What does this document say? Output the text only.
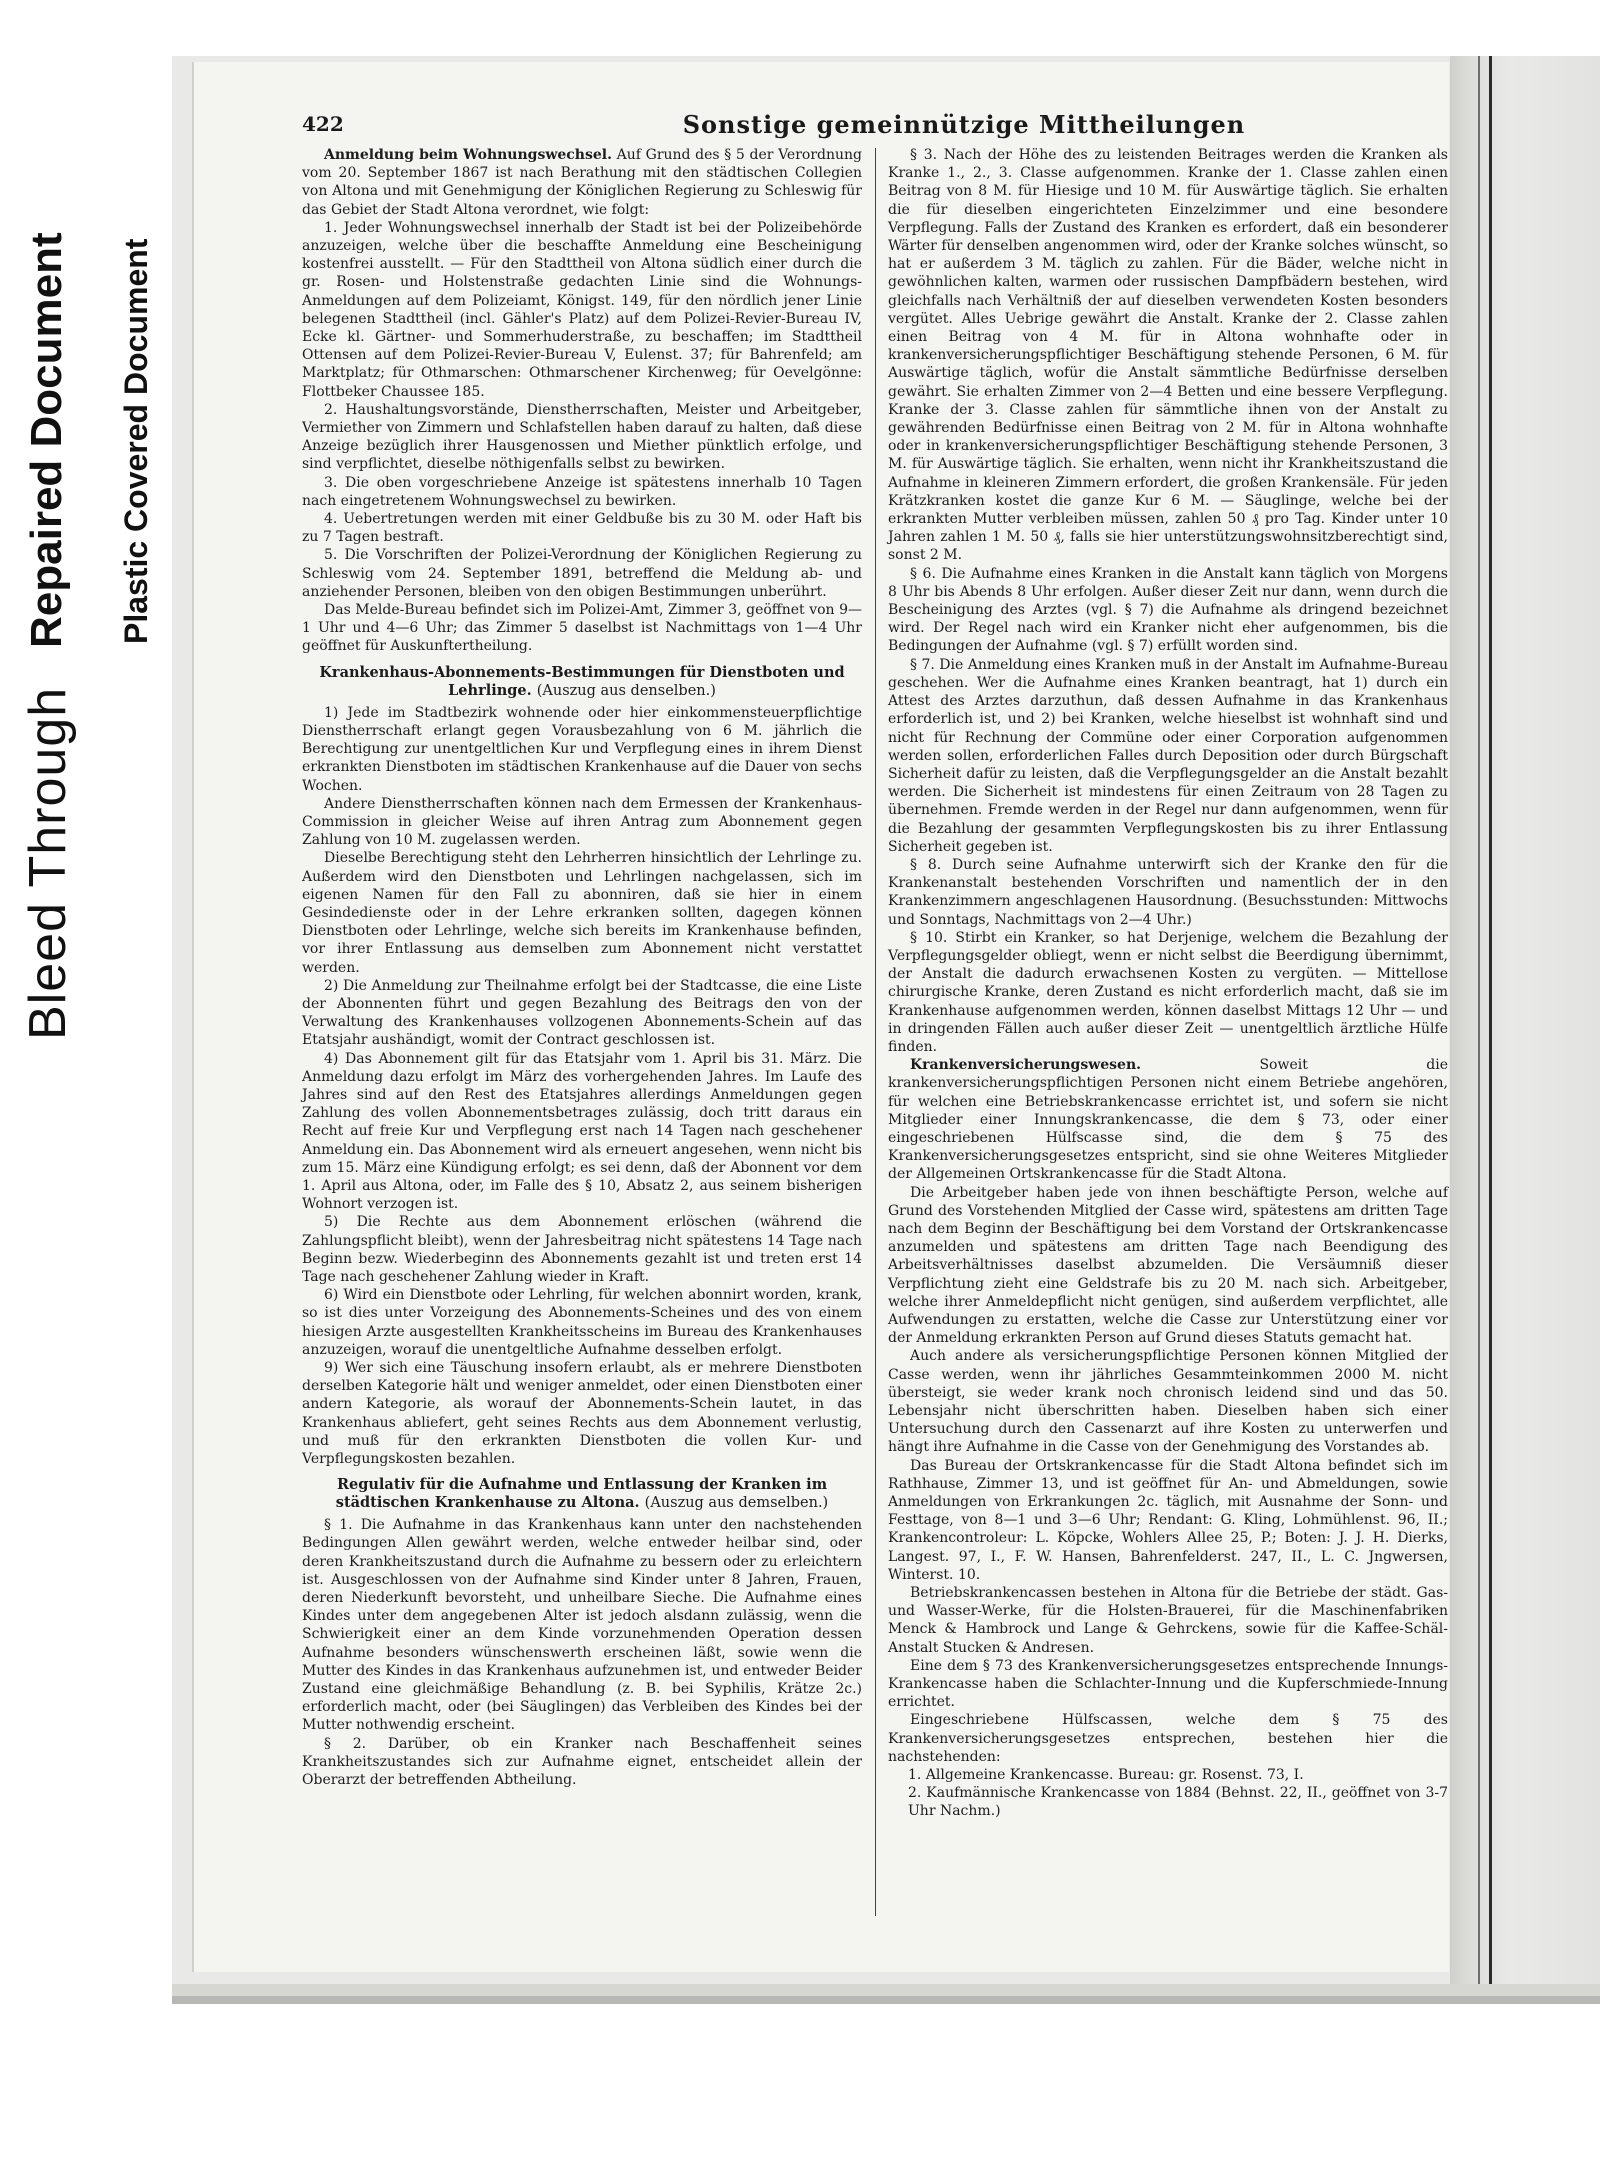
Bleed Through
Repaired Document Plastic Covered Document
422	Sonstige gemeinnützige Mittheilungen

Anmeldung beim Wohnungswechsel. Auf Grund des § 5 der Verordnung vom 20. September 1867 ist nach Berathung mit den städtischen Collegien von Altona und mit Genehmigung der Königlichen Regierung zu Schleswig für das Gebiet der Stadt Altona verordnet, wie folgt:

1. Jeder Wohnungswechsel innerhalb der Stadt ist bei der Polizeibehörde anzuzeigen, welche über die beschaffte Anmeldung eine Bescheinigung kostenfrei ausstellt. — Für den Stadttheil von Altona südlich einer durch die gr. Rosen- und Holstenstraße gedachten Linie sind die Wohnungs-Anmeldungen auf dem Polizeiamt, Königst. 149, für den nördlich jener Linie belegenen Stadttheil (incl. Gähler's Platz) auf dem Polizei-Revier-Bureau IV, Ecke kl. Gärtner- und Sommerhuderstraße, zu beschaffen; im Stadttheil Ottensen auf dem Polizei-Revier-Bureau V, Eulenst. 37; für Bahrenfeld; am Marktplatz; für Othmarschen: Othmarschener Kirchenweg; für Oevelgönne: Flottbeker Chaussee 185.

2. Haushaltungsvorstände, Dienstherrschaften, Meister und Arbeitgeber, Vermiether von Zimmern und Schlafstellen haben darauf zu halten, daß diese Anzeige bezüglich ihrer Hausgenossen und Miether pünktlich erfolge, und sind verpflichtet, dieselbe nöthigenfalls selbst zu bewirken.

3. Die oben vorgeschriebene Anzeige ist spätestens innerhalb 10 Tagen nach eingetretenem Wohnungswechsel zu bewirken.

4. Uebertretungen werden mit einer Geldbuße bis zu 30 M. oder Haft bis zu 7 Tagen bestraft.

5. Die Vorschriften der Polizei-Verordnung der Königlichen Regierung zu Schleswig vom 24. September 1891, betreffend die Meldung ab- und anziehender Personen, bleiben von den obigen Bestimmungen unberührt.

Das Melde-Bureau befindet sich im Polizei-Amt, Zimmer 3, geöffnet von 9—1 Uhr und 4—6 Uhr; das Zimmer 5 daselbst ist Nachmittags von 1—4 Uhr geöffnet für Auskunftertheilung.

Krankenhaus-Abonnements-Bestimmungen für Dienstboten und Lehrlinge. (Auszug aus denselben.)

1) Jede im Stadtbezirk wohnende oder hier einkommensteuerpflichtige Dienstherrschaft erlangt gegen Vorausbezahlung von 6 M. jährlich die Berechtigung zur unentgeltlichen Kur und Verpflegung eines in ihrem Dienst erkrankten Dienstboten im städtischen Krankenhause auf die Dauer von sechs Wochen.

Andere Dienstherrschaften können nach dem Ermessen der Krankenhaus-Commission in gleicher Weise auf ihren Antrag zum Abonnement gegen Zahlung von 10 M. zugelassen werden.

Dieselbe Berechtigung steht den Lehrherren hinsichtlich der Lehrlinge zu. Außerdem wird den Dienstboten und Lehrlingen nachgelassen, sich im eigenen Namen für den Fall zu abonniren, daß sie hier in einem Gesindedienste oder in der Lehre erkranken sollten, dagegen können Dienstboten oder Lehrlinge, welche sich bereits im Krankenhause befinden, vor ihrer Entlassung aus demselben zum Abonnement nicht verstattet werden.

2) Die Anmeldung zur Theilnahme erfolgt bei der Stadtcasse, die eine Liste der Abonnenten führt und gegen Bezahlung des Beitrags den von der Verwaltung des Krankenhauses vollzogenen Abonnements-Schein auf das Etatsjahr aushändigt, womit der Contract geschlossen ist.

4) Das Abonnement gilt für das Etatsjahr vom 1. April bis 31. März. Die Anmeldung dazu erfolgt im März des vorhergehenden Jahres. Im Laufe des Jahres sind auf den Rest des Etatsjahres allerdings Anmeldungen gegen Zahlung des vollen Abonnementsbetrages zulässig, doch tritt daraus ein Recht auf freie Kur und Verpflegung erst nach 14 Tagen nach geschehener Anmeldung ein. Das Abonnement wird als erneuert angesehen, wenn nicht bis zum 15. März eine Kündigung erfolgt; es sei denn, daß der Abonnent vor dem 1. April aus Altona, oder, im Falle des § 10, Absatz 2, aus seinem bisherigen Wohnort verzogen ist.

5) Die Rechte aus dem Abonnement erlöschen (während die Zahlungspflicht bleibt), wenn der Jahresbeitrag nicht spätestens 14 Tage nach Beginn bezw. Wiederbeginn des Abonnements gezahlt ist und treten erst 14 Tage nach geschehener Zahlung wieder in Kraft.

6) Wird ein Dienstbote oder Lehrling, für welchen abonnirt worden, krank, so ist dies unter Vorzeigung des Abonnements-Scheines und des von einem hiesigen Arzte ausgestellten Krankheitsscheins im Bureau des Krankenhauses anzuzeigen, worauf die unentgeltliche Aufnahme desselben erfolgt.

9) Wer sich eine Täuschung insofern erlaubt, als er mehrere Dienstboten derselben Kategorie hält und weniger anmeldet, oder einen Dienstboten einer andern Kategorie, als worauf der Abonnements-Schein lautet, in das Krankenhaus abliefert, geht seines Rechts aus dem Abonnement verlustig, und muß für den erkrankten Dienstboten die vollen Kur- und Verpflegungskosten bezahlen.

Regulativ für die Aufnahme und Entlassung der Kranken im städtischen Krankenhause zu Altona. (Auszug aus demselben.)

§ 1. Die Aufnahme in das Krankenhaus kann unter den nachstehenden Bedingungen Allen gewährt werden, welche entweder heilbar sind, oder deren Krankheitszustand durch die Aufnahme zu bessern oder zu erleichtern ist. Ausgeschlossen von der Aufnahme sind Kinder unter 8 Jahren, Frauen, deren Niederkunft bevorsteht, und unheilbare Sieche. Die Aufnahme eines Kindes unter dem angegebenen Alter ist jedoch alsdann zulässig, wenn die Schwierigkeit einer an dem Kinde vorzunehmenden Operation dessen Aufnahme besonders wünschenswerth erscheinen läßt, sowie wenn die Mutter des Kindes in das Krankenhaus aufzunehmen ist, und entweder Beider Zustand eine gleichmäßige Behandlung (z. B. bei Syphilis, Krätze 2c.) erforderlich macht, oder (bei Säuglingen) das Verbleiben des Kindes bei der Mutter nothwendig erscheint.

§ 2. Darüber, ob ein Kranker nach Beschaffenheit seines Krankheitszustandes sich zur Aufnahme eignet, entscheidet allein der Oberarzt der betreffenden Abtheilung.

§ 3. Nach der Höhe des zu leistenden Beitrages werden die Kranken als Kranke 1., 2., 3. Classe aufgenommen. Kranke der 1. Classe zahlen einen Beitrag von 8 M. für Hiesige und 10 M. für Auswärtige täglich. Sie erhalten die für dieselben eingerichteten Einzelzimmer und eine besondere Verpflegung. Falls der Zustand des Kranken es erfordert, daß ein besonderer Wärter für denselben angenommen wird, oder der Kranke solches wünscht, so hat er außerdem 3 M. täglich zu zahlen. Für die Bäder, welche nicht in gewöhnlichen kalten, warmen oder russischen Dampfbädern bestehen, wird gleichfalls nach Verhältniß der auf dieselben verwendeten Kosten besonders vergütet. Alles Uebrige gewährt die Anstalt. Kranke der 2. Classe zahlen einen Beitrag von 4 M. für in Altona wohnhafte oder in krankenversicherungspflichtiger Beschäftigung stehende Personen, 6 M. für Auswärtige täglich, wofür die Anstalt sämmtliche Bedürfnisse derselben gewährt. Sie erhalten Zimmer von 2—4 Betten und eine bessere Verpflegung. Kranke der 3. Classe zahlen für sämmtliche ihnen von der Anstalt zu gewährenden Bedürfnisse einen Beitrag von 2 M. für in Altona wohnhafte oder in krankenversicherungspflichtiger Beschäftigung stehende Personen, 3 M. für Auswärtige täglich. Sie erhalten, wenn nicht ihr Krankheitszustand die Aufnahme in kleineren Zimmern erfordert, die großen Krankensäle. Für jeden Krätzkranken kostet die ganze Kur 6 M. — Säuglinge, welche bei der erkrankten Mutter verbleiben müssen, zahlen 50 ₰ pro Tag. Kinder unter 10 Jahren zahlen 1 M. 50 ₰, falls sie hier unterstützungswohnsitzberechtigt sind, sonst 2 M.

§ 6. Die Aufnahme eines Kranken in die Anstalt kann täglich von Morgens 8 Uhr bis Abends 8 Uhr erfolgen. Außer dieser Zeit nur dann, wenn durch die Bescheinigung des Arztes (vgl. § 7) die Aufnahme als dringend bezeichnet wird. Der Regel nach wird ein Kranker nicht eher aufgenommen, bis die Bedingungen der Aufnahme (vgl. § 7) erfüllt worden sind.

§ 7. Die Anmeldung eines Kranken muß in der Anstalt im Aufnahme-Bureau geschehen. Wer die Aufnahme eines Kranken beantragt, hat 1) durch ein Attest des Arztes darzuthun, daß dessen Aufnahme in das Krankenhaus erforderlich ist, und 2) bei Kranken, welche hieselbst ist wohnhaft sind und nicht für Rechnung der Commüne oder einer Corporation aufgenommen werden sollen, erforderlichen Falles durch Deposition oder durch Bürgschaft Sicherheit dafür zu leisten, daß die Verpflegungsgelder an die Anstalt bezahlt werden. Die Sicherheit ist mindestens für einen Zeitraum von 28 Tagen zu übernehmen. Fremde werden in der Regel nur dann aufgenommen, wenn für die Bezahlung der gesammten Verpflegungskosten bis zu ihrer Entlassung Sicherheit gegeben ist.

§ 8. Durch seine Aufnahme unterwirft sich der Kranke den für die Krankenanstalt bestehenden Vorschriften und namentlich der in den Krankenzimmern angeschlagenen Hausordnung. (Besuchsstunden: Mittwochs und Sonntags, Nachmittags von 2—4 Uhr.)

§ 10. Stirbt ein Kranker, so hat Derjenige, welchem die Bezahlung der Verpflegungsgelder obliegt, wenn er nicht selbst die Beerdigung übernimmt, der Anstalt die dadurch erwachsenen Kosten zu vergüten. — Mittellose chirurgische Kranke, deren Zustand es nicht erforderlich macht, daß sie im Krankenhause aufgenommen werden, können daselbst Mittags 12 Uhr — und in dringenden Fällen auch außer dieser Zeit — unentgeltlich ärztliche Hülfe finden.

Krankenversicherungswesen.	Soweit die krankenversicherungspflichtigen Personen nicht einem Betriebe angehören, für welchen eine Betriebskrankencasse errichtet ist, und sofern sie nicht Mitglieder einer Innungskrankencasse, die dem § 73, oder einer eingeschriebenen Hülfscasse sind, die dem § 75 des Krankenversicherungsgesetzes entspricht, sind sie ohne Weiteres Mitglieder der Allgemeinen Ortskrankencasse für die Stadt Altona.

Die Arbeitgeber haben jede von ihnen beschäftigte Person, welche auf Grund des Vorstehenden Mitglied der Casse wird, spätestens am dritten Tage nach dem Beginn der Beschäftigung bei dem Vorstand der Ortskrankencasse anzumelden und spätestens am dritten Tage nach Beendigung des Arbeitsverhältnisses daselbst abzumelden. Die Versäumniß dieser Verpflichtung zieht eine Geldstrafe bis zu 20 M. nach sich. Arbeitgeber, welche ihrer Anmeldepflicht nicht genügen, sind außerdem verpflichtet, alle Aufwendungen zu erstatten, welche die Casse zur Unterstützung einer vor der Anmeldung erkrankten Person auf Grund dieses Statuts gemacht hat.

Auch andere als versicherungspflichtige Personen können Mitglied der Casse werden, wenn ihr jährliches Gesammteinkommen 2000 M. nicht übersteigt, sie weder krank noch chronisch leidend sind und das 50. Lebensjahr nicht überschritten haben. Dieselben haben sich einer Untersuchung durch den Cassenarzt auf ihre Kosten zu unterwerfen und hängt ihre Aufnahme in die Casse von der Genehmigung des Vorstandes ab.

Das Bureau der Ortskrankencasse für die Stadt Altona befindet sich im Rathhause, Zimmer 13, und ist geöffnet für An- und Abmeldungen, sowie Anmeldungen von Erkrankungen 2c. täglich, mit Ausnahme der Sonn- und Festtage, von 8—1 und 3—6 Uhr; Rendant: G. Kling, Lohmühlenst. 96, II.; Krankencontroleur: L. Köpcke, Wohlers Allee 25, P.; Boten: J. J. H. Dierks, Langest. 97, I., F. W. Hansen, Bahrenfelderst. 247, II., L. C. Jngwersen, Winterst. 10.

Betriebskrankencassen bestehen in Altona für die Betriebe der städt. Gas- und Wasser-Werke, für die Holsten-Brauerei, für die Maschinenfabriken Menck & Hambrock und Lange & Gehrckens, sowie für die Kaffee-Schäl-Anstalt Stucken & Andresen.

Eine dem § 73 des Krankenversicherungsgesetzes entsprechende Innungs-Krankencasse haben die Schlachter-Innung und die Kupferschmiede-Innung errichtet.

Eingeschriebene Hülfscassen, welche dem § 75 des Krankenversicherungsgesetzes entsprechen, bestehen hier die nachstehenden:

1. Allgemeine Krankencasse. Bureau: gr. Rosenst. 73, I.

2. Kaufmännische Krankencasse von 1884 (Behnst. 22, II., geöffnet von 3-7 Uhr Nachm.)
